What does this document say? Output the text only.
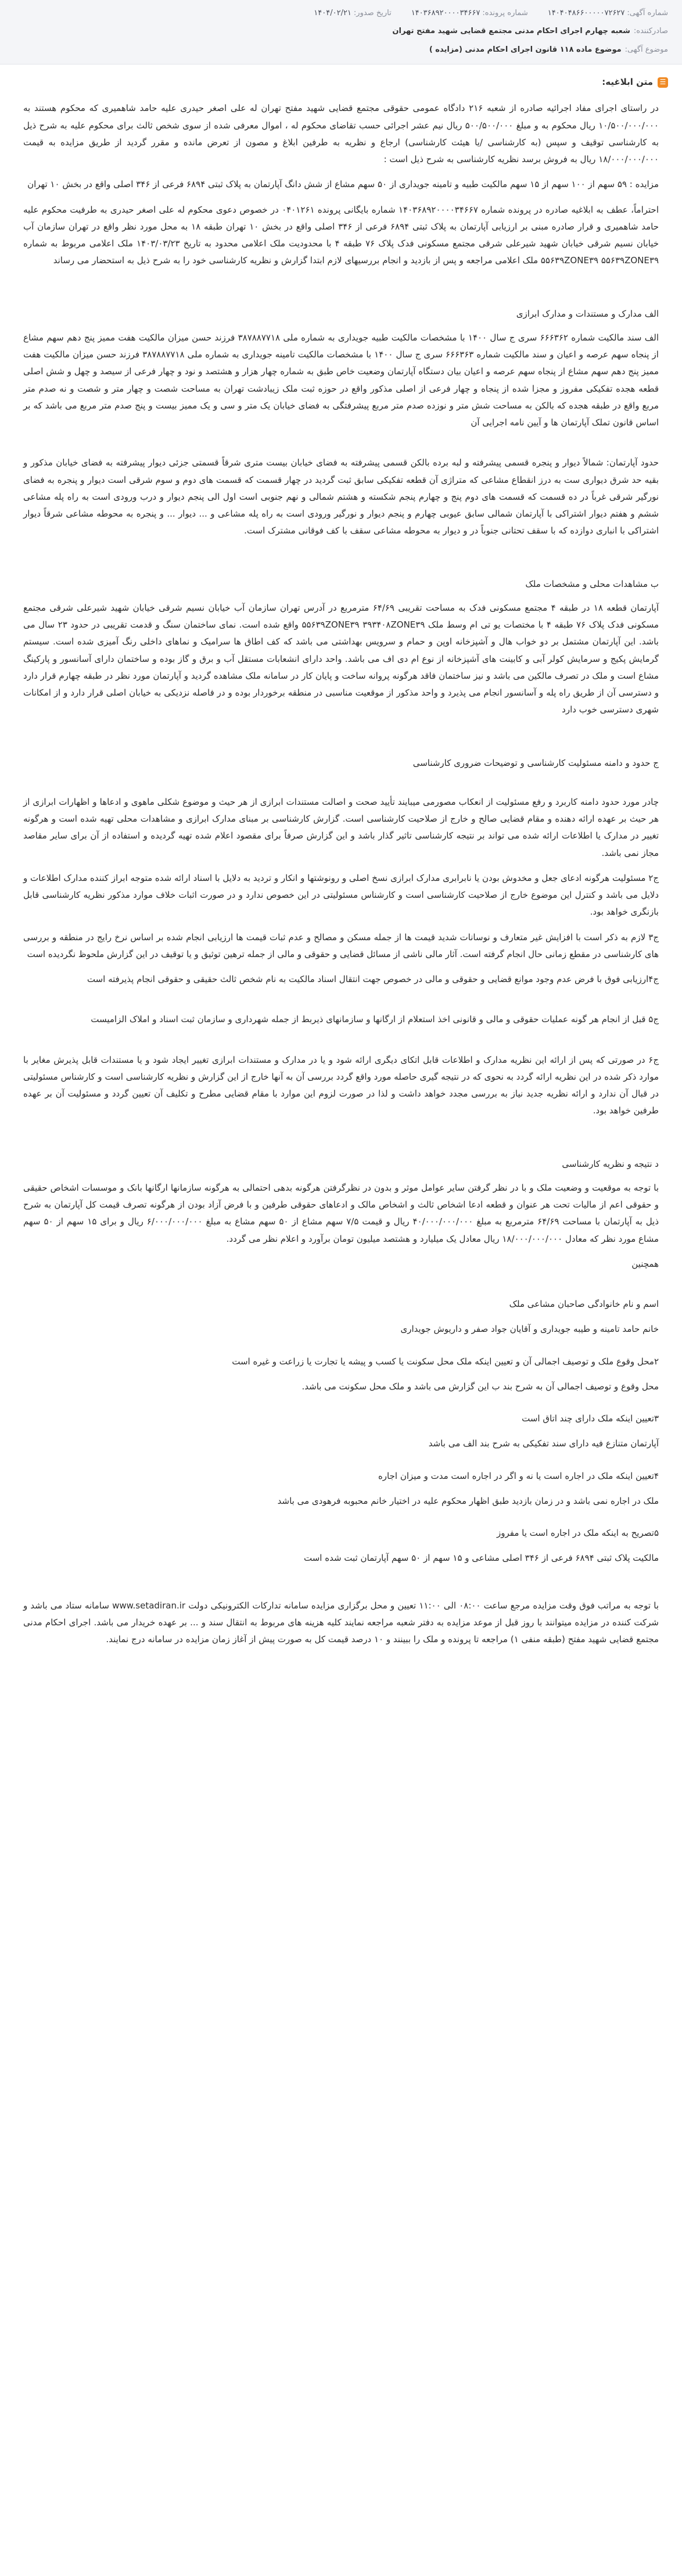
شماره آگهی:۱۴۰۴۰۴۸۶۶۰۰۰۰۰۷۲۶۲۷
شماره پرونده:۱۴۰۳۶۸۹۲۰۰۰۰۳۴۶۶۷
تاریخ صدور:۱۴۰۴/۰۲/۲۱
صادرکننده:شعبه چهارم اجرای احکام مدنی مجتمع قضایی شهید مفتح تهران
موضوع آگهی:موضوع ماده ۱۱۸ قانون اجرای احکام مدنی (مزایده )
☰
متن ابلاغیه:

در راستای اجرای مفاد اجرائیه صادره از شعبه ۲۱۶ دادگاه عمومی حقوقی مجتمع قضایی شهید مفتح تهران له علی اصغر حیدری علیه حامد شاهمیری که محکوم هستند به ۱۰/۵۰۰/۰۰۰/۰۰۰ ریال محکوم به و مبلغ ۵۰۰/۵۰۰/۰۰۰ ریال نیم عشر اجرائی حسب تقاضای محکوم له ، اموال معرفی شده از سوی شخص ثالث برای محکوم علیه به شرح ذیل به کارشناسی توقیف و سپس (به کارشناسی /یا هیئت کارشناسی) ارجاع و نظریه به طرفین ابلاغ و مصون از تعرض مانده و مقرر گردید از طریق مزایده به قیمت ۱۸/۰۰۰/۰۰۰/۰۰۰ ریال به فروش برسد نظریه کارشناسی به شرح ذیل است :

مزایده : ۵۹ سهم از ۱۰۰ سهم از ۱۵ سهم مالکیت طبیه و تامینه جویداری از ۵۰ سهم مشاع از شش دانگ آپارتمان به پلاک ثبتی ۶۸۹۴ فرعی از ۳۴۶ اصلی واقع در بخش ۱۰ تهران

احتراماً، عطف به ابلاغیه صادره در پرونده شماره ۱۴۰۳۶۸۹۲۰۰۰۰۳۴۶۶۷ شماره بایگانی پرونده ۰۴۰۱۲۶۱ در خصوص دعوی محکوم له علی اصغر حیدری به طرفیت محکوم علیه حامد شاهمیری و قرار صادره مبنی بر ارزیابی آپارتمان به پلاک ثبتی ۶۸۹۴ فرعی از ۳۴۶ اصلی واقع در بخش ۱۰ تهران طبقه ۱۸ به محل مورد نظر واقع در تهران سازمان آب خیابان نسیم شرقی خیابان شهید شیرعلی شرقی مجتمع مسکونی فدک پلاک ۷۶ طبقه ۴ با محدودیت ملک اعلامی محدود به تاریخ ۱۴۰۳/۰۳/۲۳ ملک اعلامی مربوط به شماره ۵۵۶۳۹ZONE۳۹ ۵۵۶۳۹ZONE۳۹ ملک اعلامی مراجعه و پس از بازدید و انجام بررسیهای لازم ابتدا گزارش و نظریه کارشناسی خود را به شرح ذیل به استحضار می رساند

الف مدارک و مستندات و مدارک ابرازی

الف سند مالکیت شماره ۶۶۶۳۶۲ سری ج سال ۱۴۰۰ با مشخصات مالکیت طبیه جویداری به شماره ملی ۳۸۷۸۸۷۷۱۸ فرزند حسن میزان مالکیت هفت ممیز پنج دهم سهم مشاع از پنجاه سهم عرصه و اعیان و سند مالکیت شماره ۶۶۶۳۶۳ سری ج سال ۱۴۰۰ با مشخصات مالکیت تامینه جویداری به شماره ملی ۳۸۷۸۸۷۷۱۸ فرزند حسن میزان مالکیت هفت ممیز پنج دهم سهم مشاع از پنجاه سهم عرصه و اعیان بیان دستگاه آپارتمان وضعیت خاص طبق به شماره چهار هزار و هشتصد و نود و چهار فرعی از سیصد و چهل و شش اصلی قطعه هجده تفکیکی مفروز و مجزا شده از پنجاه و چهار فرعی از اصلی مذکور واقع در حوزه ثبت ملک زیبادشت تهران به مساحت شصت و چهار متر و شصت و نه صدم متر مربع واقع در طبقه هجده که بالکن به مساحت شش متر و نوزده صدم متر مربع پیشرفتگی به فضای خیابان یک متر و سی و یک ممیز بیست و پنج صدم متر مربع می باشد که بر اساس قانون تملک آپارتمان ها و آیین نامه اجرایی آن

حدود آپارتمان: شمالاً دیوار و پنجره قسمی پیشرفته و لبه برده بالکن قسمی پیشرفته به فضای خیابان بیست متری شرقاً قسمتی جزئی دیوار پیشرفته به فضای خیابان مذکور و بقیه حد شرق دیواری ست به درز انقطاع مشاعی که متراژی آن قطعه تفکیکی سابق ثبت گردید در چهار قسمت که قسمت های دوم و سوم شرقی است دیوار و پنجره به فضای نورگیر شرقی غرباً در ده قسمت که قسمت های دوم پنج و چهارم پنجم شکسته و هشتم شمالی و نهم جنوبی است اول الی پنجم دیوار و درب ورودی است به راه پله مشاعی ششم و هفتم دیوار اشتراکی با آپارتمان شمالی سابق عیوبی چهارم و پنجم دیوار و نورگیر ورودی است به راه پله مشاعی و ... دیوار ... و پنجره به محوطه مشاعی شرقاً دیوار اشتراکی با انباری دوازده که با سقف تحتانی جنوباً در و دیوار به محوطه مشاعی سقف با کف فوقانی مشترک است.

ب مشاهدات محلی و مشخصات ملک

آپارتمان قطعه ۱۸ در طبقه ۴ مجتمع مسکونی فدک به مساحت تقریبی ۶۴/۶۹ مترمربع در آدرس تهران سازمان آب خیابان نسیم شرقی خیابان شهید شیرعلی شرقی مجتمع مسکونی فدک پلاک ۷۶ طبقه ۴ با مختصات یو تی ام وسط ملک ۵۵۶۳۹ZONE۳۹ ۳۹۳۴۰۸ZONE۳۹ واقع شده است. نمای ساختمان سنگ و قدمت تقریبی در حدود ۲۳ سال می باشد. این آپارتمان مشتمل بر دو خواب هال و آشپزخانه اوپن و حمام و سرویس بهداشتی می باشد که کف اطاق ها سرامیک و نماهای داخلی رنگ آمیزی شده است. سیستم گرمایش پکیج و سرمایش کولر آبی و کابینت های آشپزخانه از نوع ام دی اف می باشد. واحد دارای انشعابات مستقل آب و برق و گاز بوده و ساختمان دارای آسانسور و پارکینگ مشاع است و ملک در تصرف مالکین می باشد و نیز ساختمان فاقد هرگونه پروانه ساخت و پایان کار در سامانه ملک مشاهده گردید و آپارتمان مورد نظر در طبقه چهارم قرار دارد و دسترسی آن از طریق راه پله و آسانسور انجام می پذیرد و واحد مذکور از موقعیت مناسبی در منطقه برخوردار بوده و در فاصله نزدیکی به خیابان اصلی قرار دارد و از امکانات شهری دسترسی خوب دارد

ج حدود و دامنه مسئولیت کارشناسی و توضیحات ضروری کارشناسی

چادر مورد حدود دامنه کاربرد و رفع مسئولیت از انعکاب مصورمی میبایند تأیید صحت و اصالت مستندات ابرازی از هر حیث و موضوع شکلی ماهوی و ادعاها و اظهارات ابرازی از هر حیث بر عهده ارائه دهنده و مقام قضایی صالح و خارج از صلاحیت کارشناسی است. گزارش کارشناسی بر مبنای مدارک ابرازی و مشاهدات محلی تهیه شده است و هرگونه تغییر در مدارک یا اطلاعات ارائه شده می تواند بر نتیجه کارشناسی تاثیر گذار باشد و این گزارش صرفاً برای مقصود اعلام شده تهیه گردیده و استفاده از آن برای سایر مقاصد مجاز نمی باشد.

ج۲ مسئولیت هرگونه ادعای جعل و مخدوش بودن یا نابرابری مدارک ابرازی نسخ اصلی و رونوشتها و انکار و تردید به دلایل با اسناد ارائه شده متوجه ابراز کننده مدارک اطلاعات و دلایل می باشد و کنترل این موضوع خارج از صلاحیت کارشناسی است و کارشناس مسئولیتی در این خصوص ندارد و در صورت اثبات خلاف موارد مذکور نظریه کارشناسی قابل بازنگری خواهد بود.

ج۳ لازم به ذکر است با افزایش غیر متعارف و نوسانات شدید قیمت ها از جمله مسکن و مصالح و عدم ثبات قیمت ها ارزیابی انجام شده بر اساس نرخ رایج در منطقه و بررسی های کارشناسی در مقطع زمانی حال انجام گرفته است. آثار مالی ناشی از مسائل قضایی و حقوقی و مالی از جمله ترهین توثیق و یا توقیف در این گزارش ملحوظ نگردیده است

ج۴ارزیابی فوق با فرض عدم وجود موانع قضایی و حقوقی و مالی در خصوص جهت انتقال اسناد مالکیت به نام شخص ثالث حقیقی و حقوقی انجام پذیرفته است

ج۵ قبل از انجام هر گونه عملیات حقوقی و مالی و قانونی اخذ استعلام از ارگانها و سازمانهای ذیربط از جمله شهرداری و سازمان ثبت اسناد و املاک الزامیست

ج۶ در صورتی که پس از ارائه این نظریه مدارک و اطلاعات قابل اتکای دیگری ارائه شود و یا در مدارک و مستندات ابرازی تغییر ایجاد شود و یا مستندات قابل پذیرش مغایر با موارد ذکر شده در این نظریه ارائه گردد به نحوی که در نتیجه گیری حاصله مورد واقع گردد بررسی آن به آنها خارج از این گزارش و نظریه کارشناسی است و کارشناس مسئولیتی در قبال آن ندارد و ارائه نظریه جدید نیاز به بررسی مجدد خواهد داشت و لذا در صورت لزوم این موارد با مقام قضایی مطرح و تکلیف آن تعیین گردد و مسئولیت آن بر عهده طرفین خواهد بود.

د نتیجه و نظریه کارشناسی

با توجه به موقعیت و وضعیت ملک و با در نظر گرفتن سایر عوامل موثر و بدون در نظرگرفتن هرگونه بدهی احتمالی به هرگونه سازمانها ارگانها بانک و موسسات اشخاص حقیقی و حقوقی اعم از مالیات تحت هر عنوان و قطعه ادعا اشخاص ثالث و اشخاص مالک و ادعاهای حقوقی طرفین و با فرض آزاد بودن از هرگونه تصرف قیمت کل آپارتمان به شرح ذیل به آپارتمان با مساحت ۶۴/۶۹ مترمربع به مبلغ ۴۰/۰۰۰/۰۰۰/۰۰۰ ریال و قیمت ۷/۵ سهم مشاع از ۵۰ سهم مشاع به مبلغ ۶/۰۰۰/۰۰۰/۰۰۰ ریال و برای ۱۵ سهم از ۵۰ سهم مشاع مورد نظر که معادل ۱۸/۰۰۰/۰۰۰/۰۰۰ ریال معادل یک میلیارد و هشتصد میلیون تومان برآورد و اعلام نظر می گردد.

همچنین

اسم و نام خانوادگی صاحبان مشاعی ملک

خانم حامد تامینه و طیبه جویداری و آقایان جواد صفر و داریوش جویداری

۲محل وقوع ملک و توصیف اجمالی آن و تعیین اینکه ملک محل سکونت یا کسب و پیشه یا تجارت یا زراعت و غیره است

محل وقوع و توصیف اجمالی آن به شرح بند ب این گزارش می باشد و ملک محل سکونت می باشد.

۳تعیین اینکه ملک دارای چند اتاق است

آپارتمان متنازع فیه دارای سند تفکیکی به شرح بند الف می باشد

۴تعیین اینکه ملک در اجاره است یا نه و اگر در اجاره است مدت و میزان اجاره

ملک در اجاره نمی باشد و در زمان بازدید طبق اظهار محکوم علیه در اختیار خانم محبوبه فرهودی می باشد

۵تصریح به اینکه ملک در اجاره است یا مفروز

مالکیت پلاک ثبتی ۶۸۹۴ فرعی از ۳۴۶ اصلی مشاعی و ۱۵ سهم از ۵۰ سهم آپارتمان ثبت شده است

با توجه به مراتب فوق وقت مزایده مرجع ساعت ۰۸:۰۰ الی ۱۱:۰۰ تعیین و محل برگزاری مزایده سامانه تدارکات الکترونیکی دولت www.setadiran.ir سامانه ستاد می باشد و شرکت کننده در مزایده میتوانند با روز قبل از موعد مزایده به دفتر شعبه مراجعه نمایند کلیه هزینه های مربوط به انتقال سند و ... بر عهده خریدار می باشد. اجرای احکام مدنی مجتمع قضایی شهید مفتح (طبقه منفی ۱) مراجعه تا پرونده و ملک را ببینند و ۱۰ درصد قیمت کل به صورت پیش از آغاز زمان مزایده در سامانه درج نمایند.
